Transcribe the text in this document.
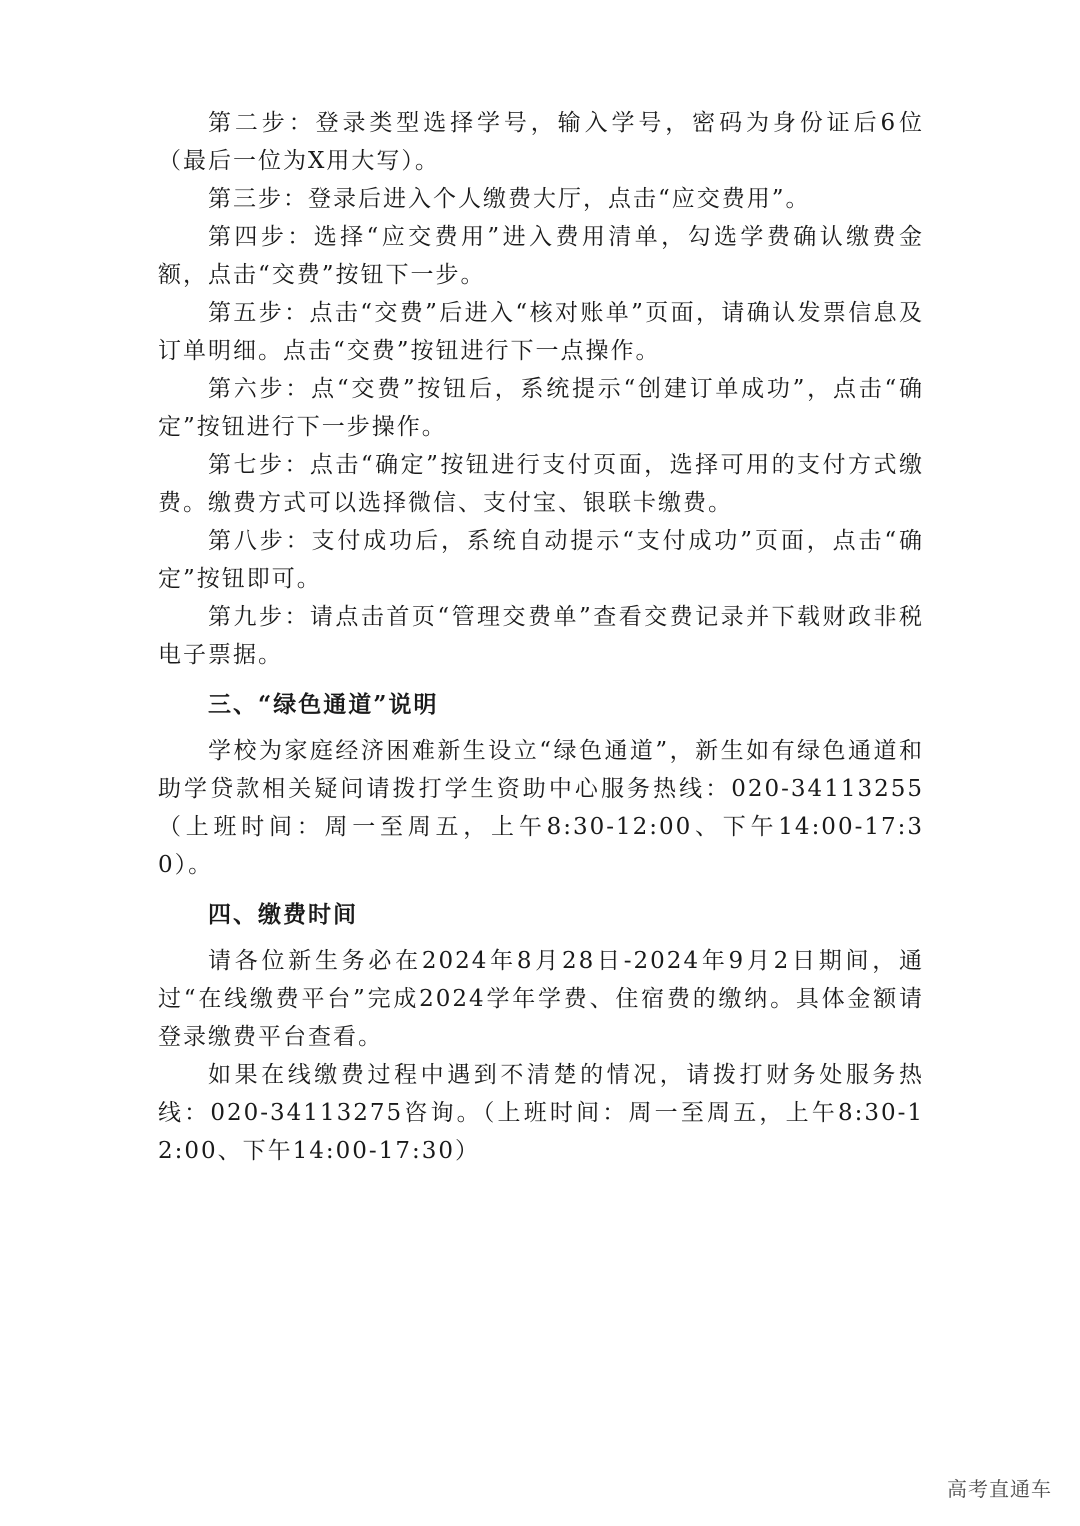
第二步：登录类型选择学号，输入学号，密码为身份证后6位（最后一位为X用大写）。

第三步：登录后进入个人缴费大厅，点击“应交费用”。

第四步：选择“应交费用”进入费用清单，勾选学费确认缴费金额，点击“交费”按钮下一步。

第五步：点击“交费”后进入“核对账单”页面，请确认发票信息及订单明细。点击“交费”按钮进行下一点操作。

第六步：点“交费”按钮后，系统提示“创建订单成功”，点击“确定”按钮进行下一步操作。

第七步：点击“确定”按钮进行支付页面，选择可用的支付方式缴费。缴费方式可以选择微信、支付宝、银联卡缴费。

第八步：支付成功后，系统自动提示“支付成功”页面，点击“确定”按钮即可。

第九步：请点击首页“管理交费单”查看交费记录并下载财政非税电子票据。

三、“绿色通道”说明

学校为家庭经济困难新生设立“绿色通道”，新生如有绿色通道和助学贷款相关疑问请拨打学生资助中心服务热线：020-34113255（上班时间：周一至周五，上午8:30-12:00、下午14:00-17:30）。

四、缴费时间

请各位新生务必在2024年8月28日-2024年9月2日期间，通过“在线缴费平台”完成2024学年学费、住宿费的缴纳。具体金额请登录缴费平台查看。

如果在线缴费过程中遇到不清楚的情况，请拨打财务处服务热线：020-34113275咨询。（上班时间：周一至周五，上午8:30-12:00、下午14:00-17:30）

高考直通车
